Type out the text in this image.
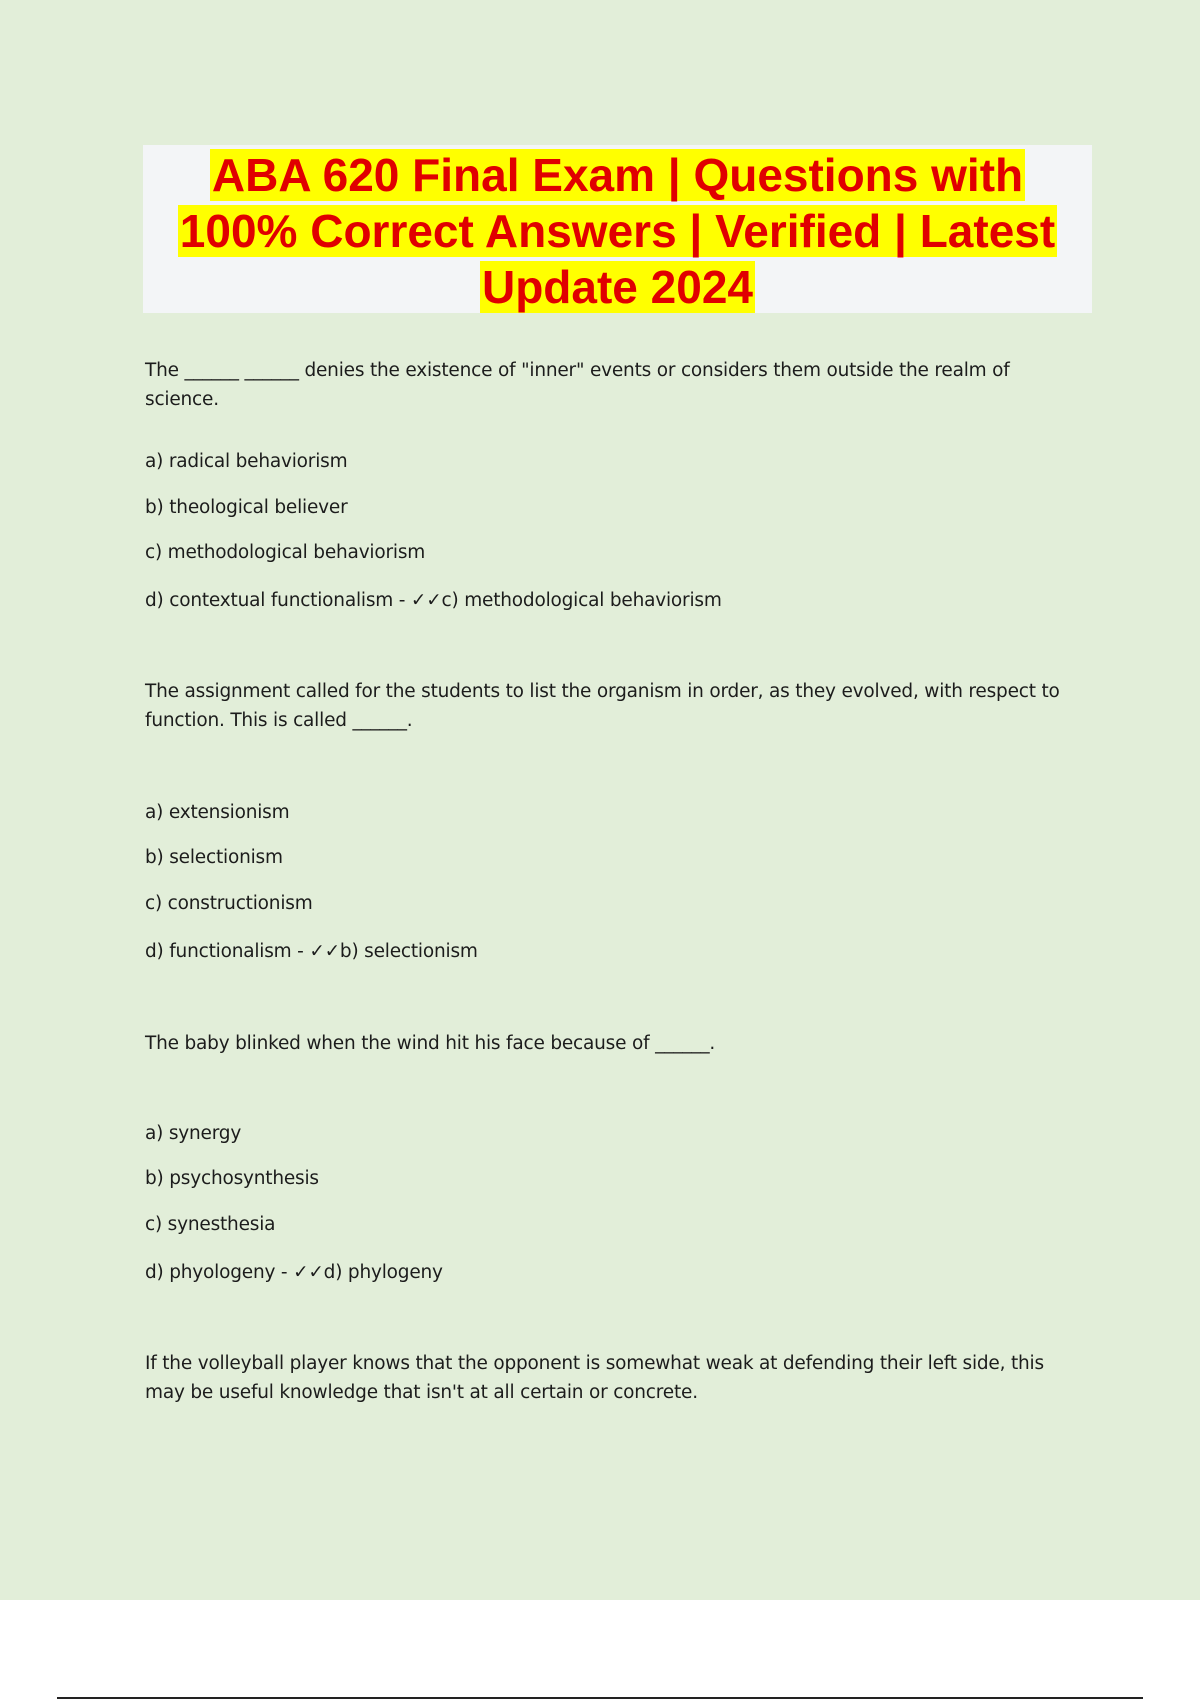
ABA 620 Final Exam | Questions with
100% Correct Answers | Verified | Latest
Update 2024

The ______ ______ denies the existence of "inner" events or considers them outside the realm of science.

a) radical behaviorism

b) theological believer

c) methodological behaviorism

d) contextual functionalism - ✓✓c) methodological behaviorism

The assignment called for the students to list the organism in order, as they evolved, with respect to function. This is called ______.

a) extensionism

b) selectionism

c) constructionism

d) functionalism - ✓✓b) selectionism

The baby blinked when the wind hit his face because of ______.

a) synergy

b) psychosynthesis

c) synesthesia

d) phyologeny - ✓✓d) phylogeny

If the volleyball player knows that the opponent is somewhat weak at defending their left side, this may be useful knowledge that isn't at all certain or concrete.
